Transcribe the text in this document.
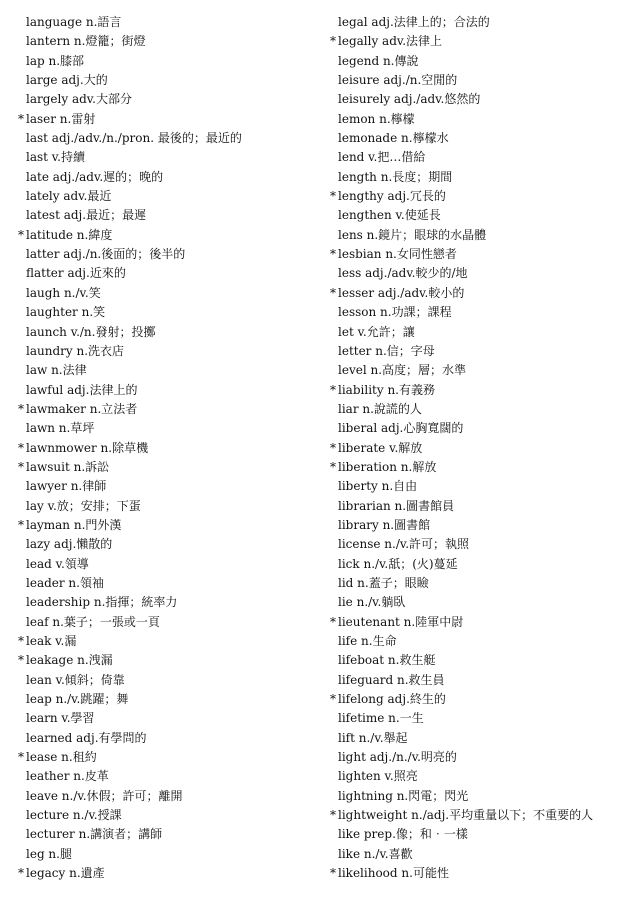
language n.語言
lantern n.燈籠；街燈
lap n.膝部
large adj.大的
largely adv.大部分
* laser n.雷射
last adj./adv./n./pron. 最後的；最近的
last v.持續
late adj./adv.遲的；晚的
lately adv.最近
latest adj.最近；最遲
* latitude n.緯度
latter adj./n.後面的；後半的
flatter adj.近來的
laugh n./v.笑
laughter n.笑
launch v./n.發射；投擲
laundry n.洗衣店
law n.法律
lawful adj.法律上的
* lawmaker n.立法者
lawn n.草坪
* lawnmower n.除草機
* lawsuit n.訴訟
lawyer n.律師
lay v.放；安排；下蛋
* layman n.門外漢
lazy adj.懶散的
lead v.領導
leader n.領袖
leadership n.指揮；統率力
leaf n.葉子；一張或一頁
* leak v.漏
* leakage n.洩漏
lean v.傾斜；倚靠
leap n./v.跳躍；舞
learn v.學習
learned adj.有學問的
* lease n.租約
leather n.皮革
leave n./v.休假；許可；離開
lecture n./v.授課
lecturer n.講演者；講師
leg n.腿
* legacy n.遺產
legal adj.法律上的；合法的
* legally adv.法律上
legend n.傳說
leisure adj./n.空閒的
leisurely adj./adv.悠然的
lemon n.檸檬
lemonade n.檸檬水
lend v.把…借給
length n.長度；期間
* lengthy adj.冗長的
lengthen v.使延長
lens n.鏡片；眼球的水晶體
* lesbian n.女同性戀者
less adj./adv.較少的/地
* lesser adj./adv.較小的
lesson n.功課；課程
let v.允許；讓
letter n.信；字母
level n.高度；層；水準
* liability n.有義務
liar n.說謊的人
liberal adj.心胸寬闊的
* liberate v.解放
* liberation n.解放
liberty n.自由
librarian n.圖書館員
library n.圖書館
license n./v.許可；執照
lick n./v.舐；(火)蔓延
lid n.蓋子；眼瞼
lie n./v.躺臥
* lieutenant n.陸軍中尉
life n.生命
lifeboat n.救生艇
lifeguard n.救生員
* lifelong adj.終生的
lifetime n.一生
lift n./v.舉起
light adj./n./v.明亮的
lighten v.照亮
lightning n.閃電；閃光
* lightweight n./adj.平均重量以下；不重要的人
like prep.像；和‧一樣
like n./v.喜歡
* likelihood n.可能性
